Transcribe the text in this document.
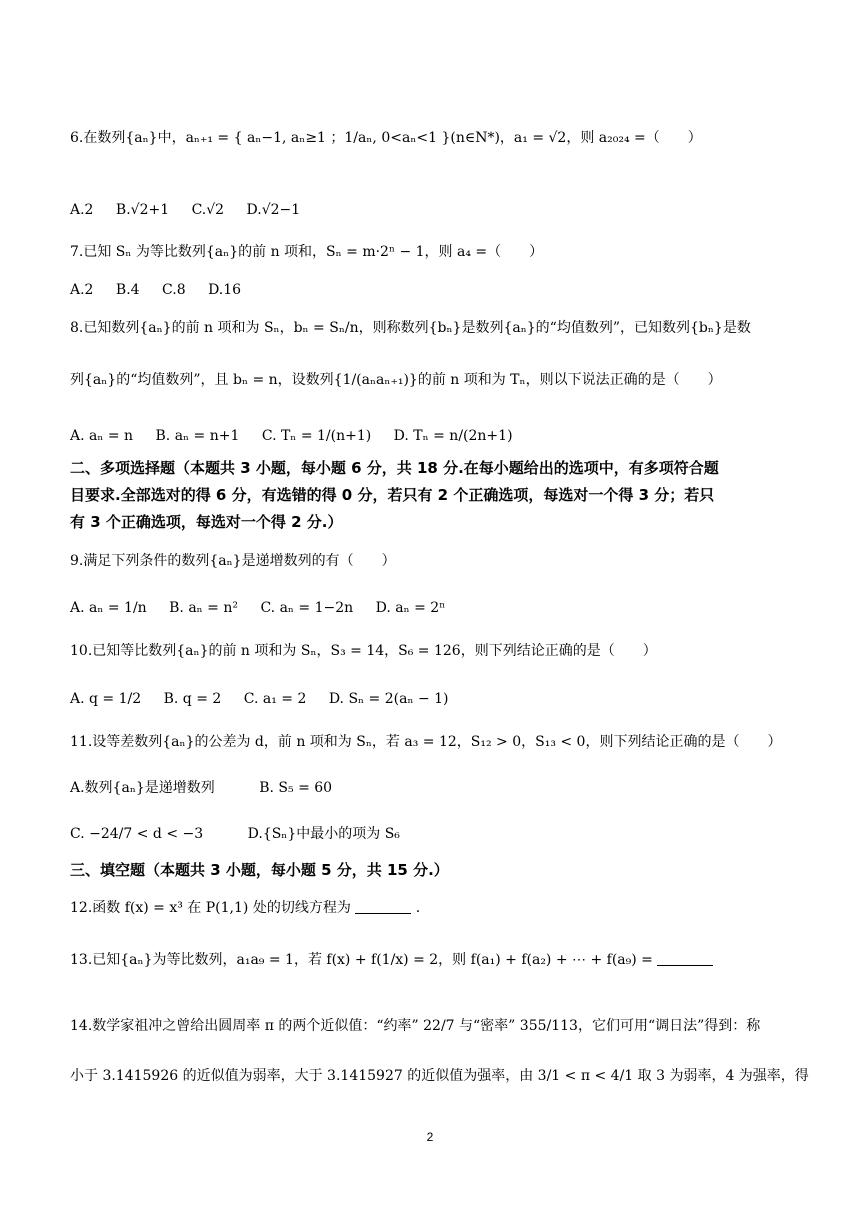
6.在数列{aₙ}中，aₙ₊₁ = { aₙ−1, aₙ≥1 ；1/aₙ, 0<aₙ<1 }(n∈N*)，a₁ = √2，则 a₂₀₂₄ =（　　）
A.2 B.√2+1 C.√2 D.√2−1
7.已知 Sₙ 为等比数列{aₙ}的前 n 项和，Sₙ = m·2ⁿ − 1，则 a₄ =（　　）
A.2 B.4 C.8 D.16
8.已知数列{aₙ}的前 n 项和为 Sₙ，bₙ = Sₙ/n，则称数列{bₙ}是数列{aₙ}的“均值数列”，已知数列{bₙ}是数
列{aₙ}的“均值数列”，且 bₙ = n，设数列{1/(aₙaₙ₊₁)}的前 n 项和为 Tₙ，则以下说法正确的是（　　）
A. aₙ = n B. aₙ = n+1 C. Tₙ = 1/(n+1) D. Tₙ = n/(2n+1)
二、多项选择题（本题共 3 小题，每小题 6 分，共 18 分.在每小题给出的选项中，有多项符合题
目要求.全部选对的得 6 分，有选错的得 0 分，若只有 2 个正确选项，每选对一个得 3 分；若只
有 3 个正确选项，每选对一个得 2 分.）
9.满足下列条件的数列{aₙ}是递增数列的有（　　）
A. aₙ = 1/n B. aₙ = n² C. aₙ = 1−2n D. aₙ = 2ⁿ
10.已知等比数列{aₙ}的前 n 项和为 Sₙ，S₃ = 14，S₆ = 126，则下列结论正确的是（　　）
A. q = 1/2 B. q = 2 C. a₁ = 2 D. Sₙ = 2(aₙ − 1)
11.设等差数列{aₙ}的公差为 d，前 n 项和为 Sₙ，若 a₃ = 12，S₁₂ > 0，S₁₃ < 0，则下列结论正确的是（　　）
A.数列{aₙ}是递增数列	B. S₅ = 60
C. −24/7 < d < −3	D.{Sₙ}中最小的项为 S₆
三、填空题（本题共 3 小题，每小题 5 分，共 15 分.）
12.函数 f(x) = x³ 在 P(1,1) 处的切线方程为	.
13.已知{aₙ}为等比数列，a₁a₉ = 1，若 f(x) + f(1/x) = 2，则 f(a₁) + f(a₂) + ⋯ + f(a₉) =
14.数学家祖冲之曾给出圆周率 π 的两个近似值：“约率” 22/7 与“密率” 355/113，它们可用“调日法”得到：称
小于 3.1415926 的近似值为弱率，大于 3.1415927 的近似值为强率，由 3/1 < π < 4/1 取 3 为弱率，4 为强率，得
2
